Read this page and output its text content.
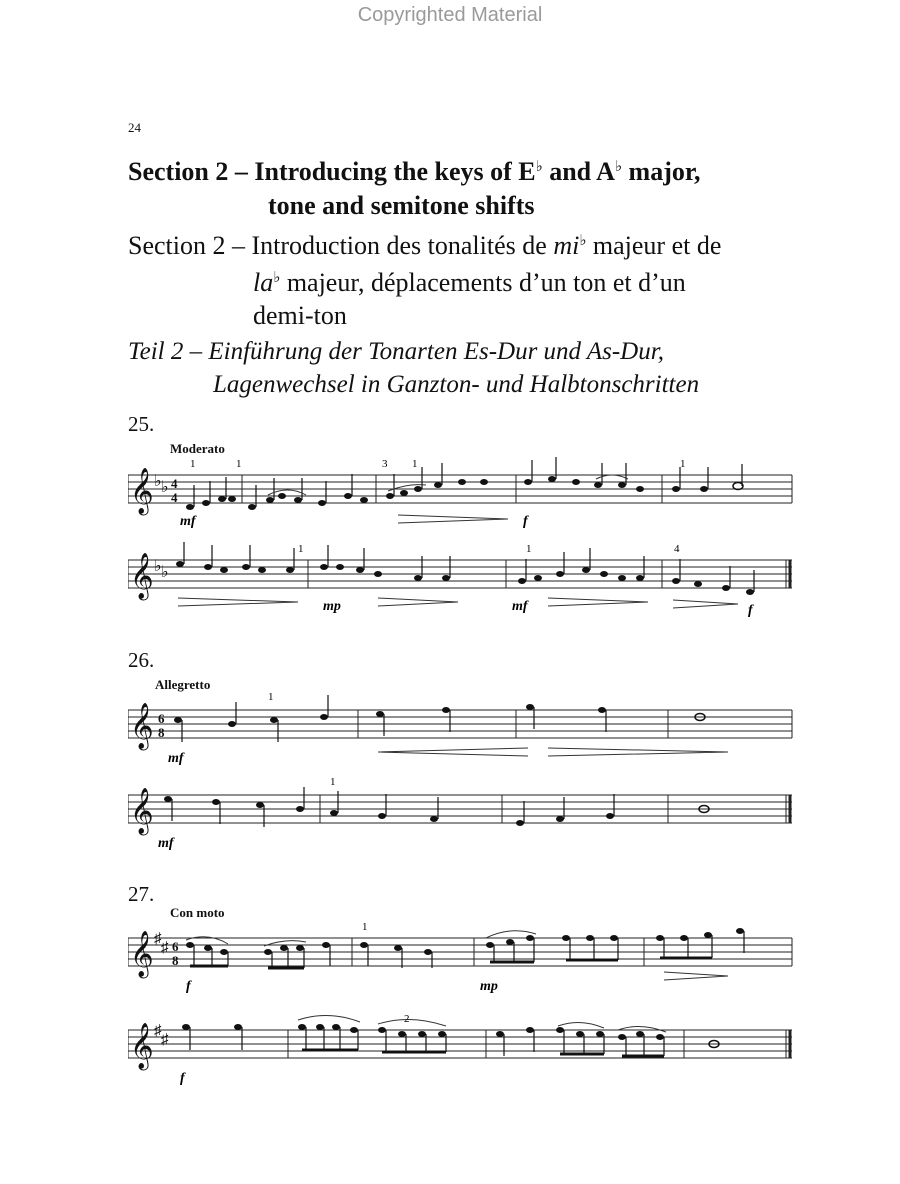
Copyrighted Material
24
Section 2 – Introducing the keys of E♭ and A♭ major,
tone and semitone shifts
Section 2 – Introduction des tonalités de mi♭ majeur et de
la♭ majeur, déplacements d’un ton et d’un
demi-ton
Teil 2 – Einführung der Tonarten Es-Dur und As-Dur,
Lagenwechsel in Ganzton- und Halbtonschritten
25.
Moderato
𝄞 ♭ ♭ 4
4
mf	f
1	1	3 1	1
𝄞 ♭ ♭
mp	mf	f
1	1	4
26.
Allegretto
𝄞 6
8
mf
1
𝄞
mf
1
27.
Con moto
𝄞 ♯
♯ 6
8
f	mp
1
𝄞 ♯
♯
f
2
